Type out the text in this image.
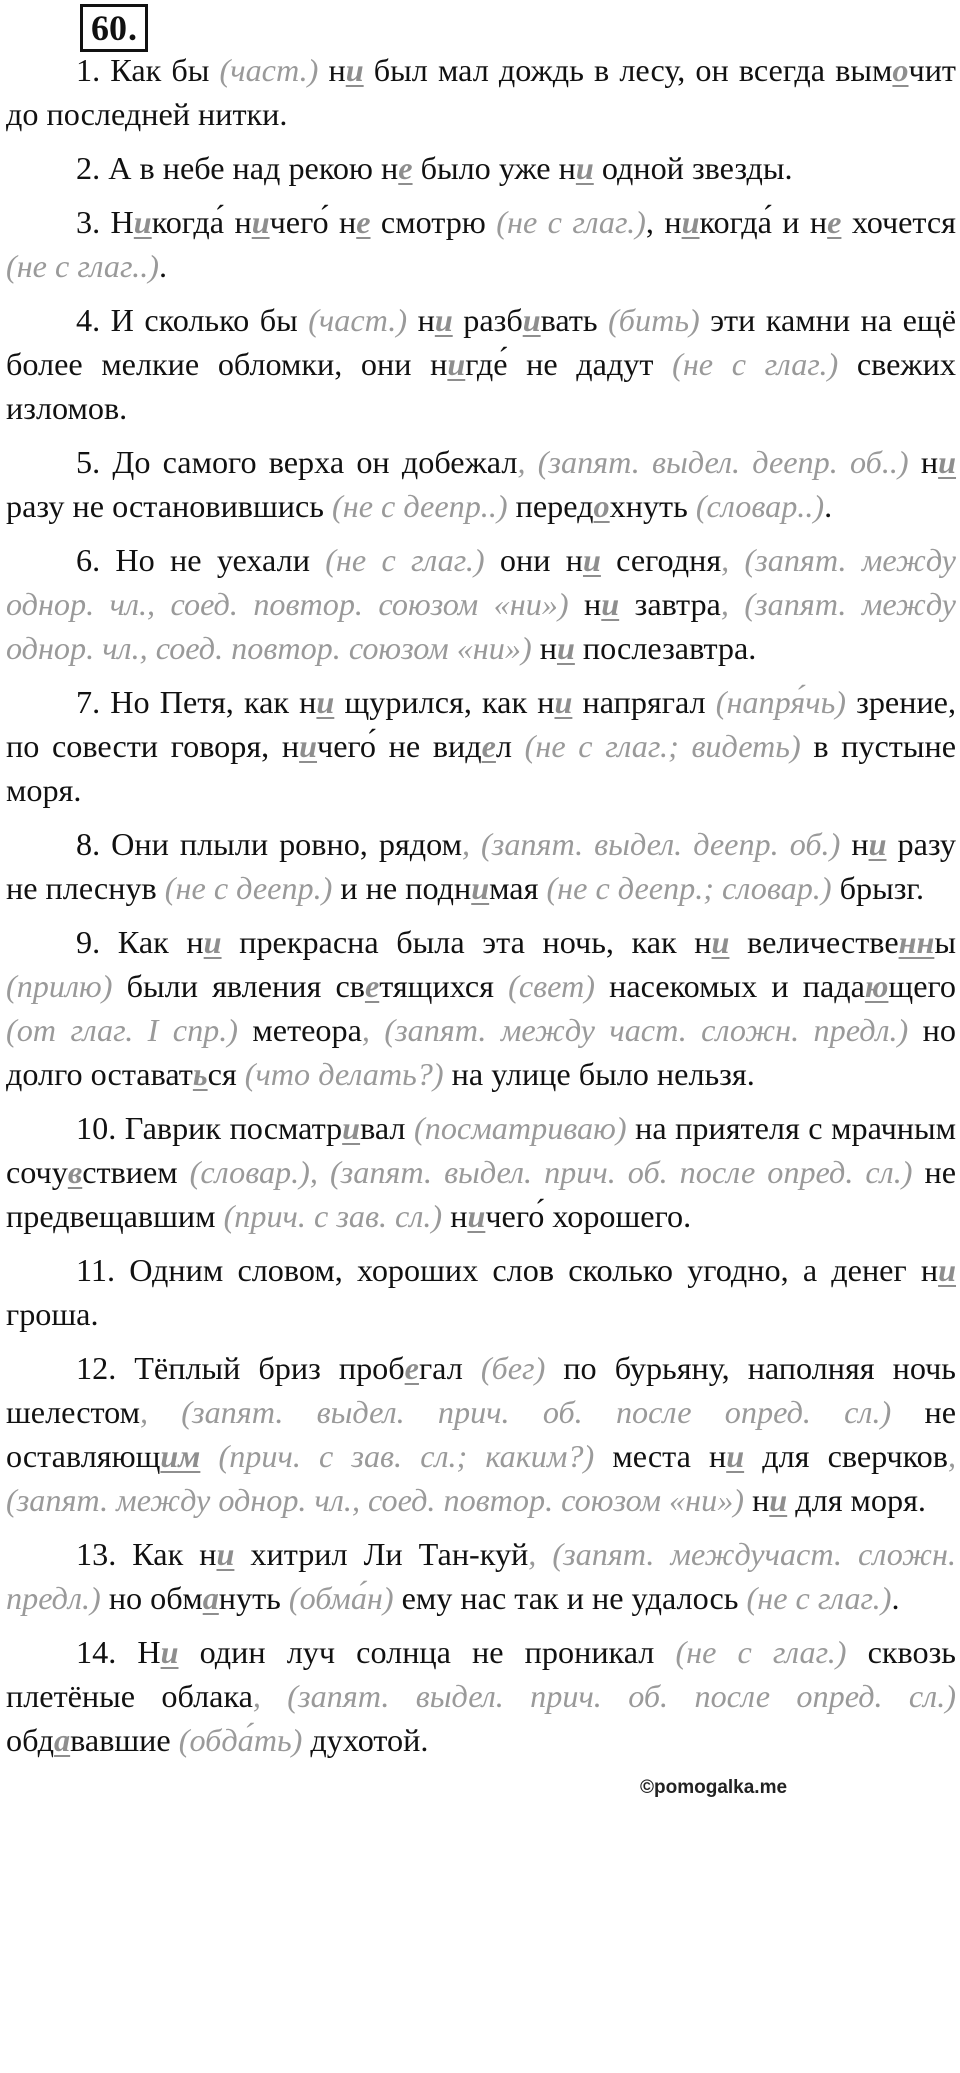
60.

1. Как бы (част.) ни был мал дождь в лесу, он всегда вымочит до последней нитки.

2. А в небе над рекою не было уже ни одной звезды.

3. Никогда́ ничего́ не смотрю (не с глаг.), никогда́ и не хочется (не с глаг..).

4. И сколько бы (част.) ни разбивать (бить) эти камни на ещё более мелкие обломки, они нигде́ не дадут (не с глаг.) свежих изломов.

5. До самого верха он добежал, (запят. выдел. деепр. об..) ни разу не остановившись (не с деепр..) передохнуть (словар..).

6. Но не уехали (не с глаг.) они ни сегодня, (запят. между однор. чл., соед. повтор. союзом «ни») ни завтра, (запят. между однор. чл., соед. повтор. союзом «ни») ни послезавтра.

7. Но Петя, как ни щурился, как ни напрягал (напря́чь) зрение, по совести говоря, ничего́ не видел (не с глаг.; видеть) в пустыне моря.

8. Они плыли ровно, рядом, (запят. выдел. деепр. об.) ни разу не плеснув (не с деепр.) и не поднимая (не с деепр.; словар.) брызг.

9. Как ни прекрасна была эта ночь, как ни величественны (прилю) были явления светящихся (свет) насекомых и падающего (от глаг. I спр.) метеора, (запят. между част. сложн. предл.) но долго оставаться (что делать?) на улице было нельзя.

10. Гаврик посматривал (посматриваю) на приятеля с мрачным сочувствием (словар.), (запят. выдел. прич. об. после опред. сл.) не предвещавшим (прич. с зав. сл.) ничего́ хорошего.

11. Одним словом, хороших слов сколько угодно, а денег ни гроша.

12. Тёплый бриз пробегал (бег) по бурьяну, наполняя ночь шелестом, (запят. выдел. прич. об. после опред. сл.) не оставляющим (прич. с зав. сл.; каким?) места ни для сверчков, (запят. между однор. чл., соед. повтор. союзом «ни») ни для моря.

13. Как ни хитрил Ли Тан-куй, (запят. междучаст. сложн. предл.) но обмануть (обма́н) ему нас так и не удалось (не с глаг.).

14. Ни один луч солнца не проникал (не с глаг.) сквозь плетёные облака, (запят. выдел. прич. об. после опред. сл.) обдававшие (обда́ть) духотой.

©pomogalka.me
